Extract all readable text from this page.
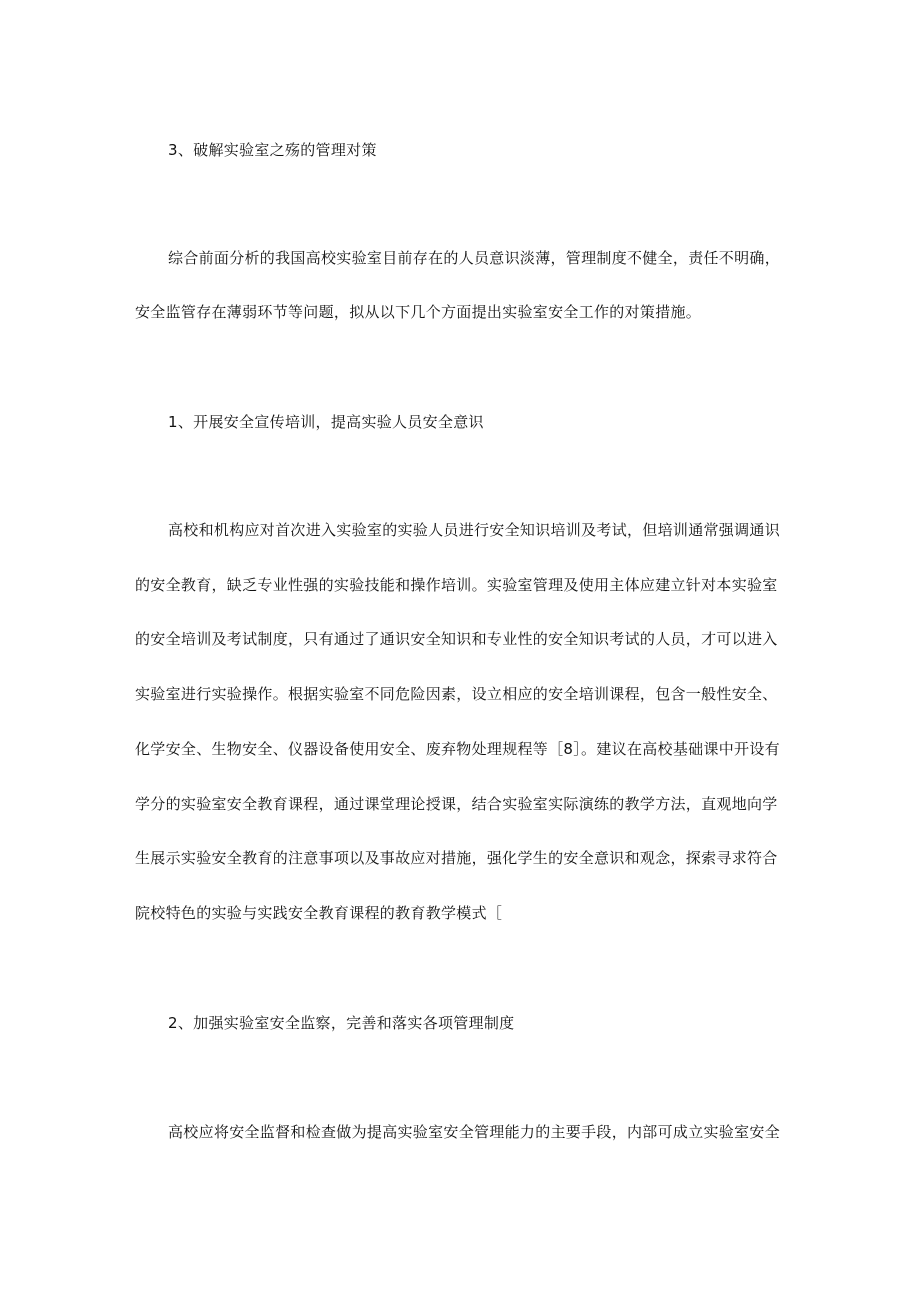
3、破解实验室之殇的管理对策
综合前面分析的我国高校实验室目前存在的人员意识淡薄，管理制度不健全，责任不明确，
安全监管存在薄弱环节等问题，拟从以下几个方面提出实验室安全工作的对策措施。
1、开展安全宣传培训，提高实验人员安全意识
高校和机构应对首次进入实验室的实验人员进行安全知识培训及考试，但培训通常强调通识
的安全教育，缺乏专业性强的实验技能和操作培训。实验室管理及使用主体应建立针对本实验室
的安全培训及考试制度，只有通过了通识安全知识和专业性的安全知识考试的人员，才可以进入
实验室进行实验操作。根据实验室不同危险因素，设立相应的安全培训课程，包含一般性安全、
化学安全、生物安全、仪器设备使用安全、废弃物处理规程等［8］。建议在高校基础课中开设有
学分的实验室安全教育课程，通过课堂理论授课，结合实验室实际演练的教学方法，直观地向学
生展示实验安全教育的注意事项以及事故应对措施，强化学生的安全意识和观念，探索寻求符合
院校特色的实验与实践安全教育课程的教育教学模式［
2、加强实验室安全监察，完善和落实各项管理制度
高校应将安全监督和检查做为提高实验室安全管理能力的主要手段，内部可成立实验室安全
